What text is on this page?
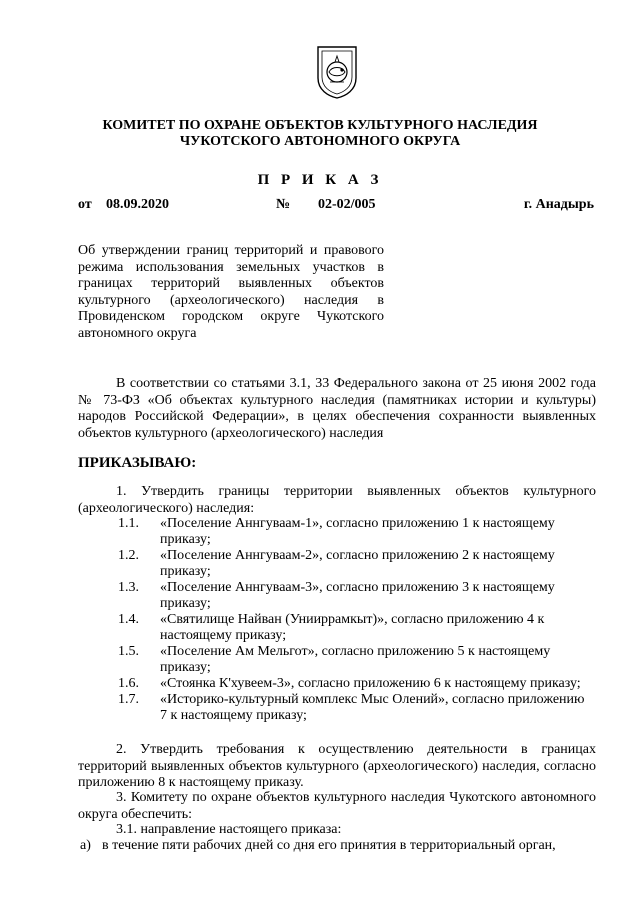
КОМИТЕТ ПО ОХРАНЕ ОБЪЕКТОВ КУЛЬТУРНОГО НАСЛЕДИЯ
ЧУКОТСКОГО АВТОНОМНОГО ОКРУГА
П Р И К А З
от 08.09.2020	№ 02-02/005	г. Анадырь
Об утверждении границ территорий и правового режима использования земельных участков в границах территорий выявленных объектов культурного (археологического) наследия в Провиденском городском округе Чукотского автономного округа
В соответствии со статьями 3.1, 33 Федерального закона от 25 июня 2002 года № 73-ФЗ «Об объектах культурного наследия (памятниках истории и культуры) народов Российской Федерации», в целях обеспечения сохранности выявленных объектов культурного (археологического) наследия
ПРИКАЗЫВАЮ:
1. Утвердить границы территории выявленных объектов культурного (археологического) наследия:
1.1. «Поселение Аннгуваам-1», согласно приложению 1 к настоящему
приказу;
1.2. «Поселение Аннгуваам-2», согласно приложению 2 к настоящему
приказу;
1.3. «Поселение Аннгуваам-3», согласно приложению 3 к настоящему
приказу;
1.4. «Святилище Найван (Унииррамкыт)», согласно приложению 4 к
настоящему приказу;
1.5. «Поселение Ам Мельгот», согласно приложению 5 к настоящему
приказу;
1.6. «Стоянка К'хувеем-3», согласно приложению 6 к настоящему приказу;
1.7. «Историко-культурный комплекс Мыс Олений», согласно приложению
7 к настоящему приказу;
2. Утвердить требования к осуществлению деятельности в границах территорий выявленных объектов культурного (археологического) наследия, согласно приложению 8 к настоящему приказу.
3. Комитету по охране объектов культурного наследия Чукотского автономного округа обеспечить:
3.1. направление настоящего приказа:
а) в течение пяти рабочих дней со дня его принятия в территориальный орган,
